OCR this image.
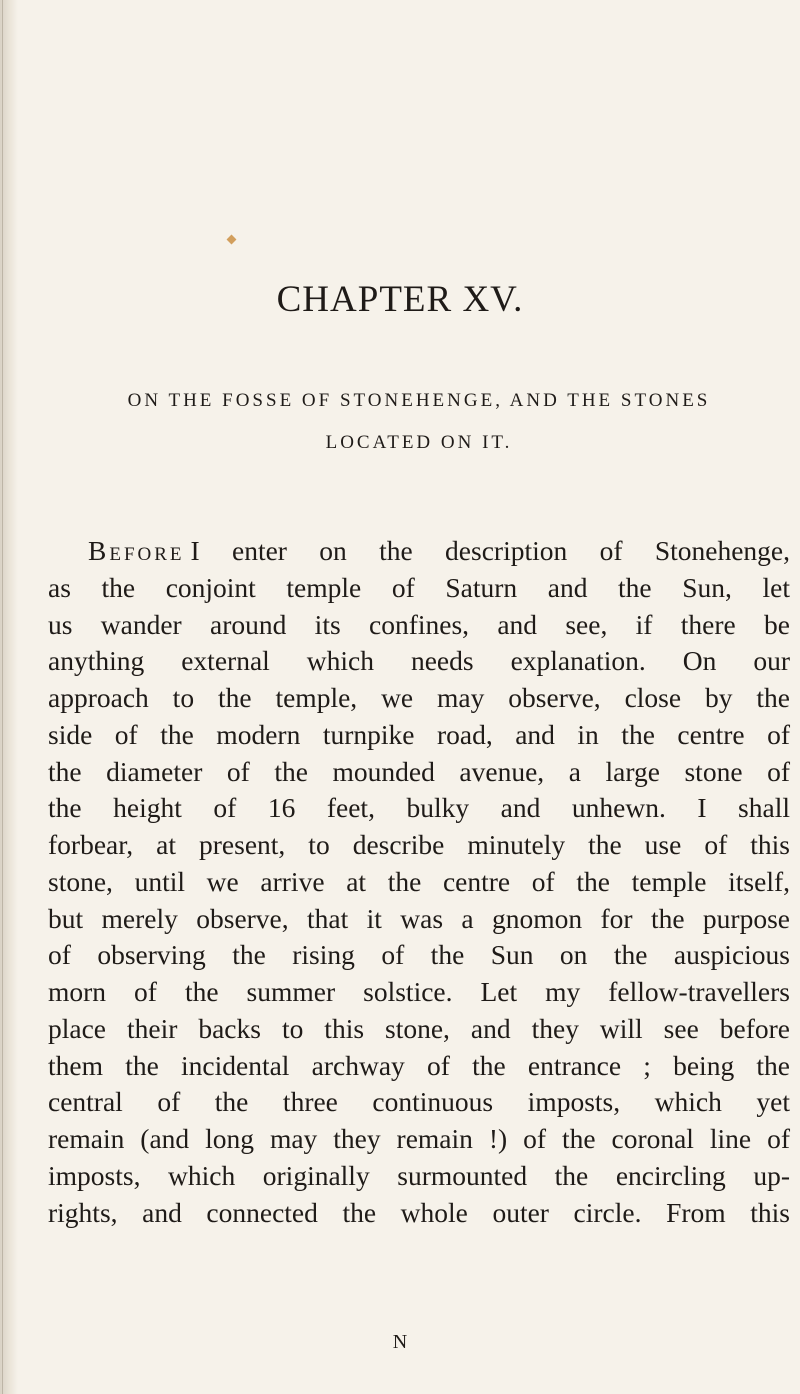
CHAPTER XV.
ON THE FOSSE OF STONEHENGE, AND THE STONES
LOCATED ON IT.
Before I enter on the description of Stonehenge,
as the conjoint temple of Saturn and the Sun, let
us wander around its confines, and see, if there be
anything external which needs explanation. On our
approach to the temple, we may observe, close by the
side of the modern turnpike road, and in the centre of
the diameter of the mounded avenue, a large stone of
the height of 16 feet, bulky and unhewn. I shall
forbear, at present, to describe minutely the use of this
stone, until we arrive at the centre of the temple itself,
but merely observe, that it was a gnomon for the purpose
of observing the rising of the Sun on the auspicious
morn of the summer solstice. Let my fellow-travellers
place their backs to this stone, and they will see before
them the incidental archway of the entrance ; being the
central of the three continuous imposts, which yet
remain (and long may they remain !) of the coronal line of
imposts, which originally surmounted the encircling up-
rights, and connected the whole outer circle. From this
N
